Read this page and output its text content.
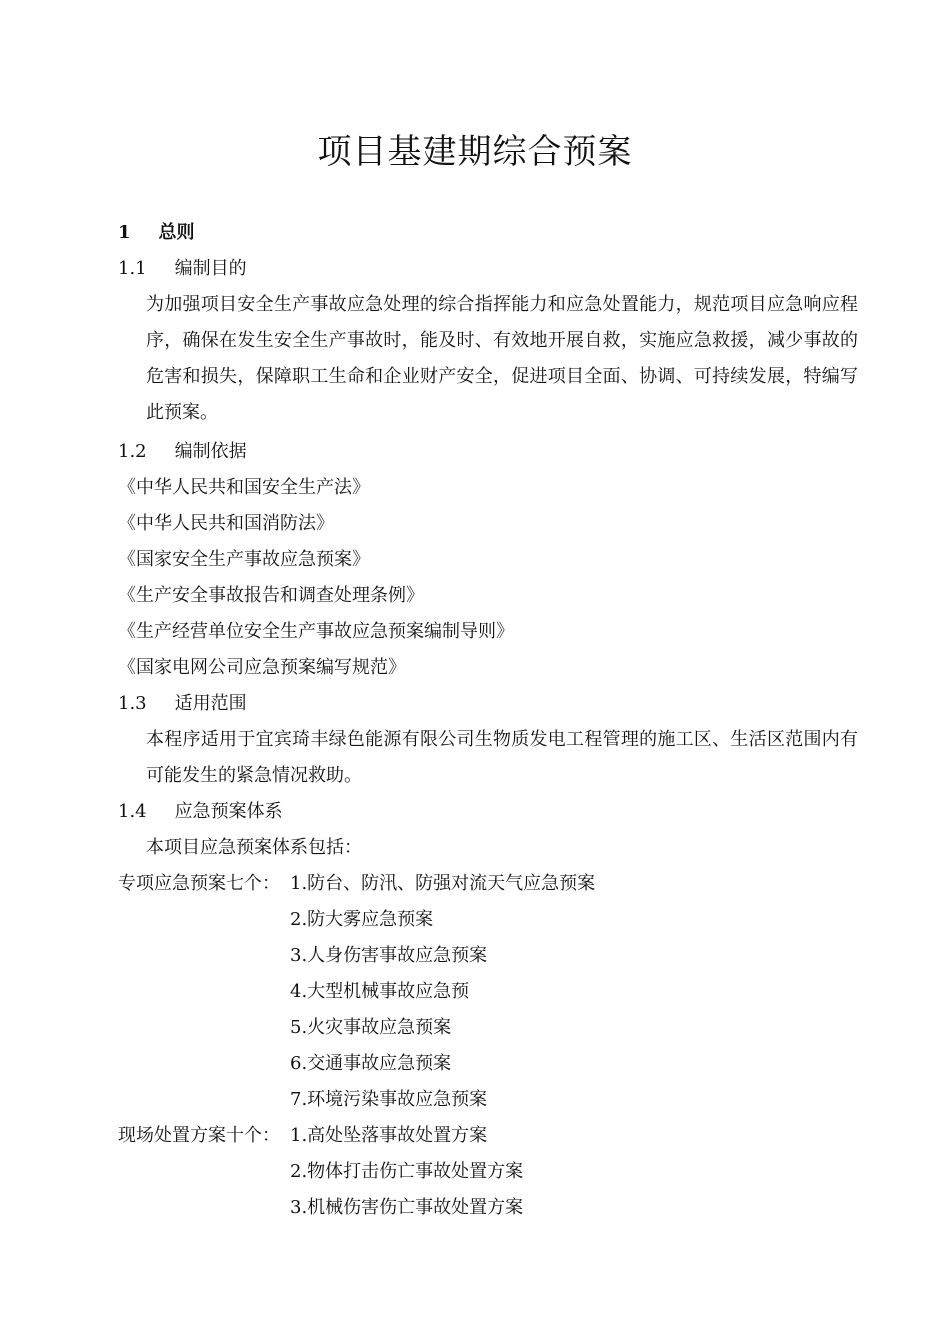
项目基建期综合预案
1 总则
1.1 编制目的
为加强项目安全生产事故应急处理的综合指挥能力和应急处置能力，规范项目应急响应程序，确保在发生安全生产事故时，能及时、有效地开展自救，实施应急救援，减少事故的危害和损失，保障职工生命和企业财产安全，促进项目全面、协调、可持续发展，特编写此预案。
1.2 编制依据
《中华人民共和国安全生产法》
《中华人民共和国消防法》
《国家安全生产事故应急预案》
《生产安全事故报告和调查处理条例》
《生产经营单位安全生产事故应急预案编制导则》
《国家电网公司应急预案编写规范》
1.3 适用范围
本程序适用于宜宾琦丰绿色能源有限公司生物质发电工程管理的施工区、生活区范围内有可能发生的紧急情况救助。
1.4 应急预案体系
本项目应急预案体系包括：
专项应急预案七个： 1.防台、防汛、防强对流天气应急预案
2.防大雾应急预案
3.人身伤害事故应急预案
4.大型机械事故应急预
5.火灾事故应急预案
6.交通事故应急预案
7.环境污染事故应急预案
现场处置方案十个： 1.高处坠落事故处置方案
2.物体打击伤亡事故处置方案
3.机械伤害伤亡事故处置方案
